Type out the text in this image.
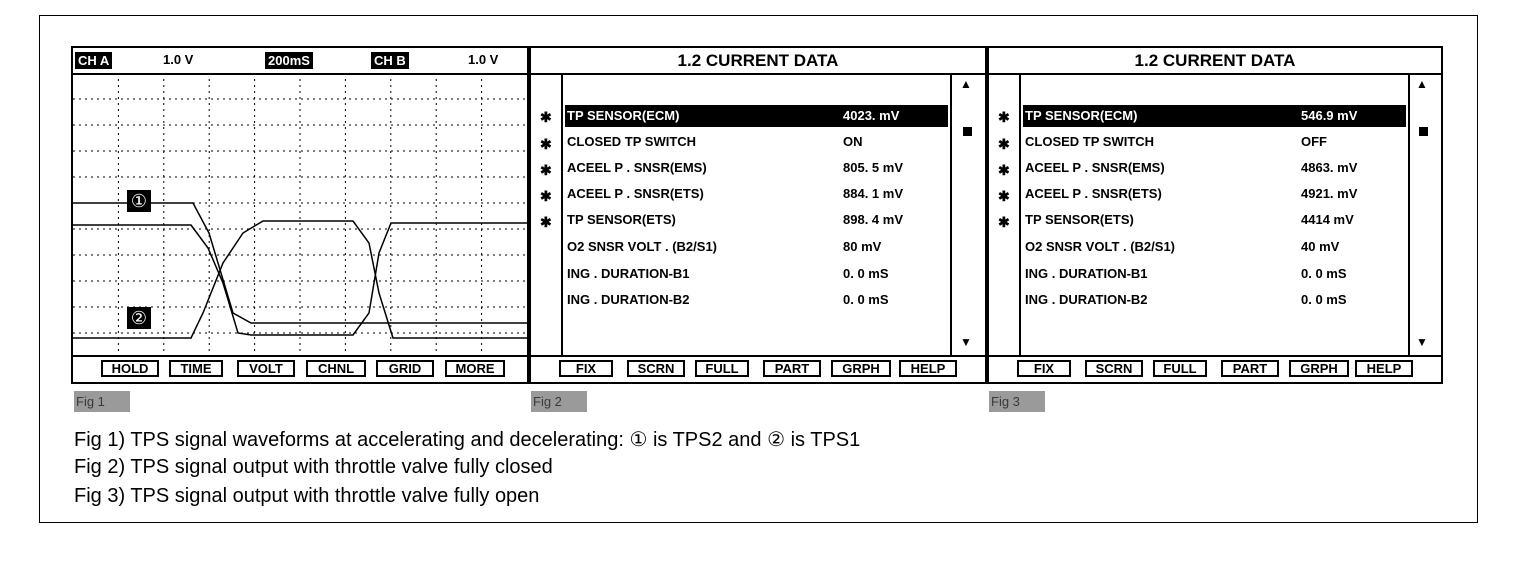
CH A	1.0 V	200mS	CH B	1.0 V
①
②
HOLD	TIME	VOLT	CHNL	GRID	MORE
1.2 CURRENT DATA
✱
✱
✱
✱
✱
TP SENSOR(ECM)	4023. mV
CLOSED TP SWITCH	ON
ACEEL P . SNSR(EMS)	805. 5 mV
ACEEL P . SNSR(ETS)	884. 1 mV
TP SENSOR(ETS)	898. 4 mV
O2 SNSR VOLT . (B2/S1)	80 mV
ING . DURATION-B1	0. 0 mS
ING . DURATION-B2	0. 0 mS
▲
▼
FIX	SCRN	FULL	PART	GRPH	HELP
1.2 CURRENT DATA
✱
✱
✱
✱
✱
TP SENSOR(ECM)	546.9 mV
CLOSED TP SWITCH	OFF
ACEEL P . SNSR(EMS)	4863. mV
ACEEL P . SNSR(ETS)	4921. mV
TP SENSOR(ETS)	4414 mV
O2 SNSR VOLT . (B2/S1)	40 mV
ING . DURATION-B1	0. 0 mS
ING . DURATION-B2	0. 0 mS
▲
▼
FIX	SCRN	FULL	PART	GRPH	HELP
Fig 1	Fig 2	Fig 3
Fig 1) TPS signal waveforms at accelerating and decelerating: ① is TPS2 and ② is TPS1
Fig 2) TPS signal output with throttle valve fully closed
Fig 3) TPS signal output with throttle valve fully open
